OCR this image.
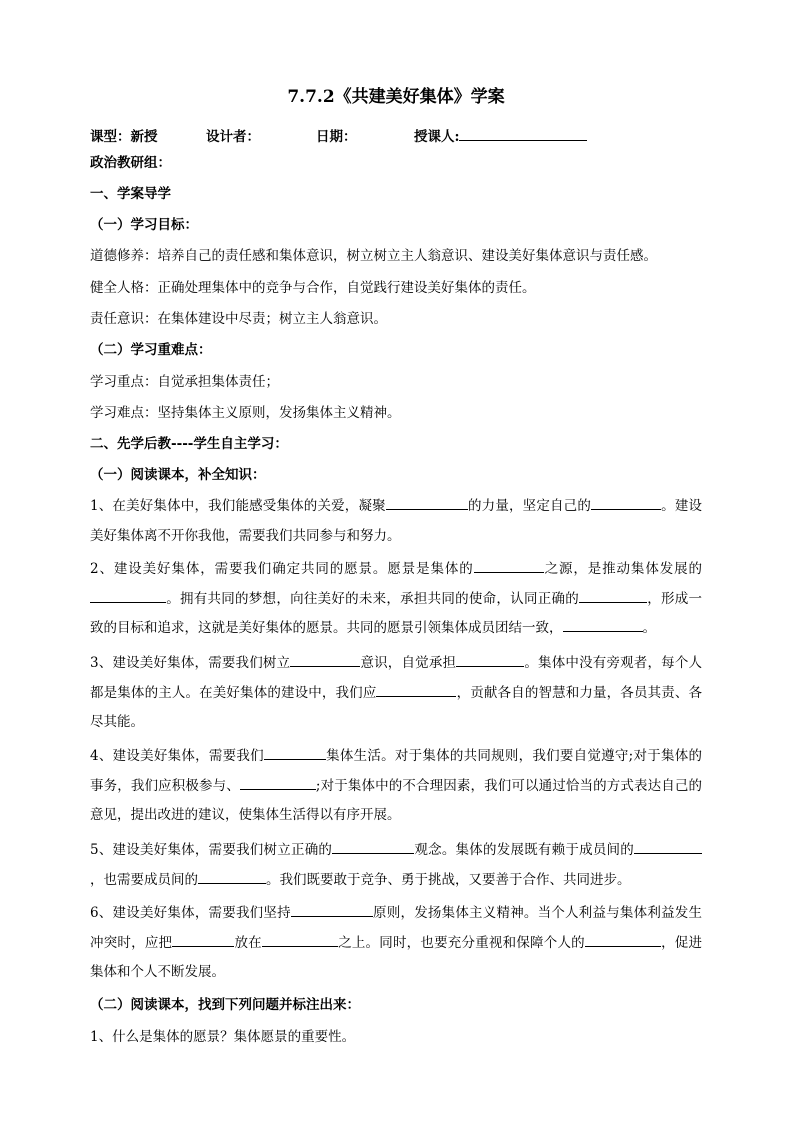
7.7.2《共建美好集体》学案
课型：新授	设计者：	日期：	授课人:
政治教研组：
一、学案导学
（一）学习目标：
道德修养：培养自己的责任感和集体意识，树立树立主人翁意识、建设美好集体意识与责任感。
健全人格：正确处理集体中的竞争与合作，自觉践行建设美好集体的责任。
责任意识：在集体建设中尽责；树立主人翁意识。
（二）学习重难点：
学习重点：自觉承担集体责任；
学习难点：坚持集体主义原则，发扬集体主义精神。
二、先学后教----学生自主学习：
（一）阅读课本，补全知识：
1、在美好集体中，我们能感受集体的关爱，凝聚	的力量，坚定自己的	。建设美好集体离不开你我他，需要我们共同参与和努力。
2、建设美好集体，需要我们确定共同的愿景。愿景是集体的	之源，是推动集体发展的。拥有共同的梦想，向往美好的未来，承担共同的使命，认同正确的	，形成一致的目标和追求，这就是美好集体的愿景。共同的愿景引领集体成员团结一致，	。
3、建设美好集体，需要我们树立	意识，自觉承担	。集体中没有旁观者，每个人都是集体的主人。在美好集体的建设中，我们应	，贡献各自的智慧和力量，各员其责、各尽其能。
4、建设美好集体，需要我们	集体生活。对于集体的共同规则，我们要自觉遵守;对于集体的事务，我们应积极参与、	;对于集体中的不合理因素，我们可以通过恰当的方式表达自己的意见，提出改进的建议，使集体生活得以有序开展。
5、建设美好集体，需要我们树立正确的	观念。集体的发展既有赖于成员间的，也需要成员间的	。我们既要敢于竞争、勇于挑战，又要善于合作、共同进步。
6、建设美好集体，需要我们坚持	原则，发扬集体主义精神。当个人利益与集体利益发生冲突时，应把	放在	之上。同时，也要充分重视和保障个人的	，促进集体和个人不断发展。
（二）阅读课本，找到下列问题并标注出来：
1、什么是集体的愿景？集体愿景的重要性。
